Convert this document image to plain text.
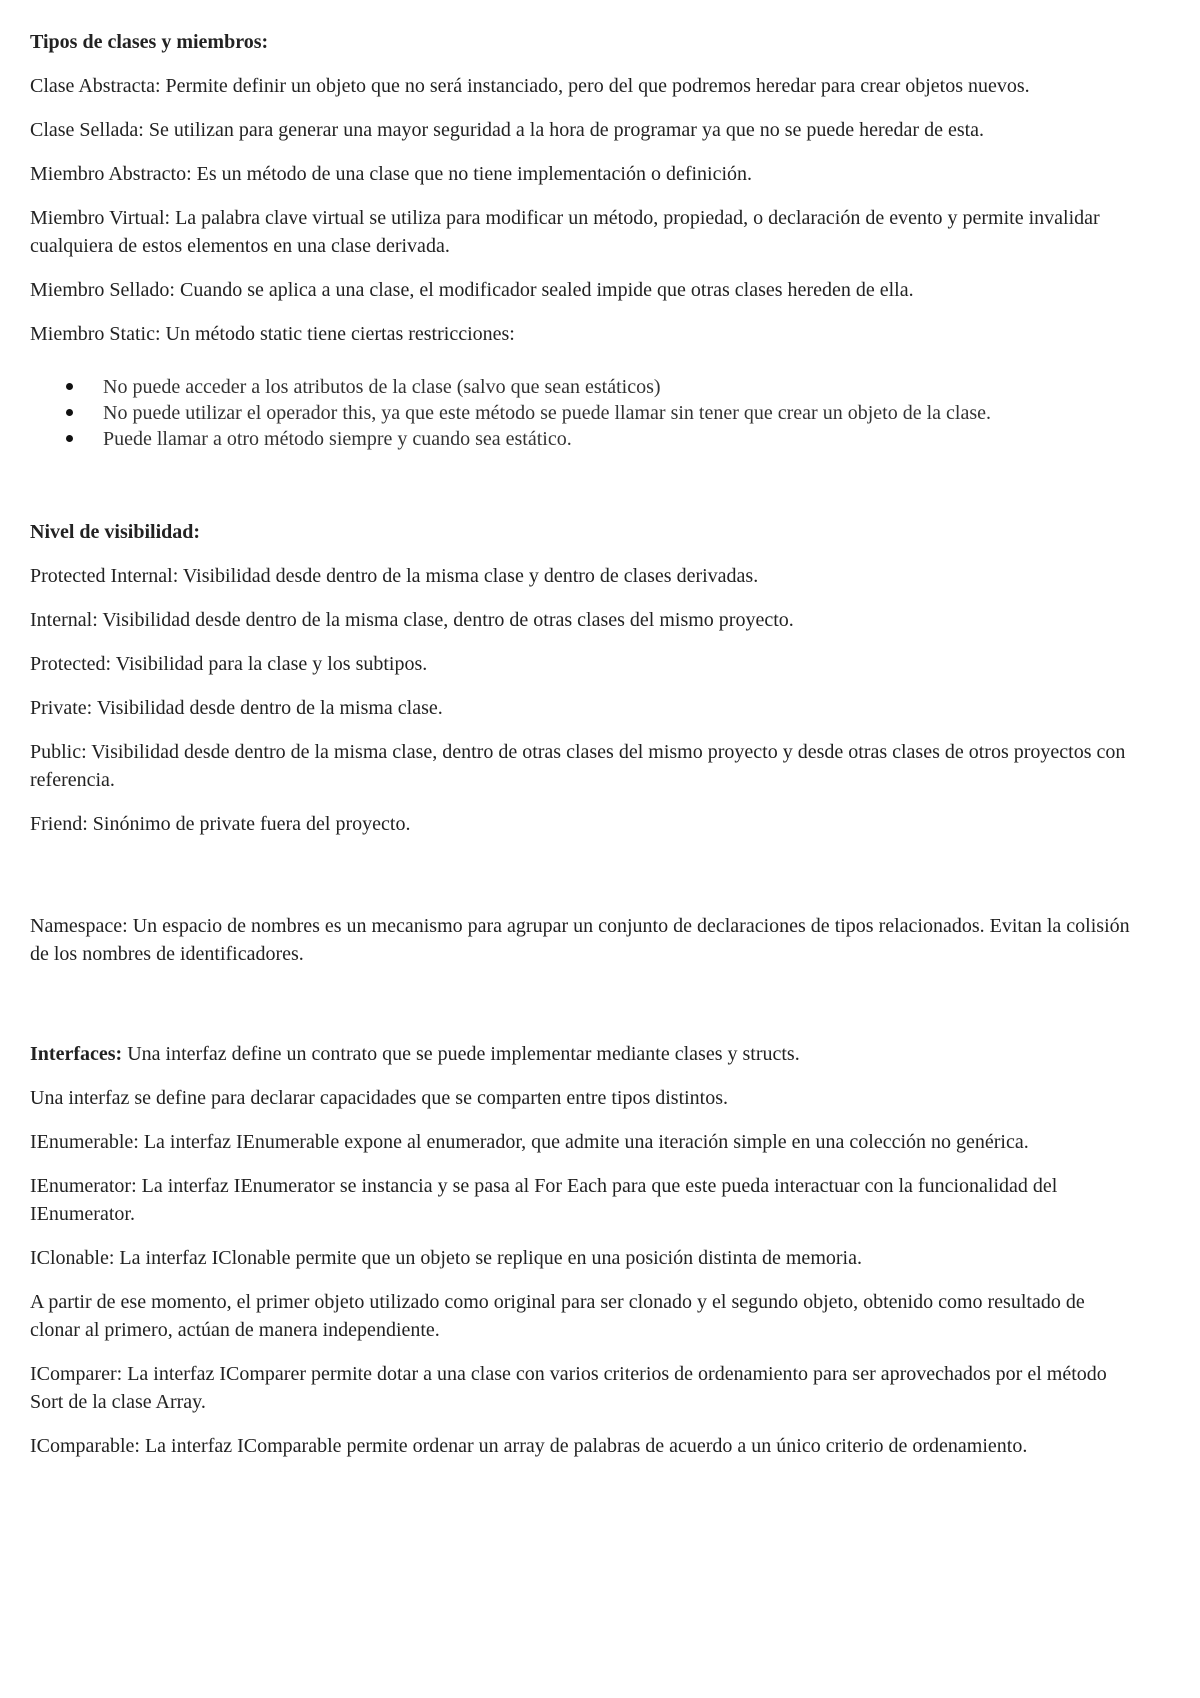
Tipos de clases y miembros:

Clase Abstracta: Permite definir un objeto que no será instanciado, pero del que podremos heredar para crear objetos nuevos.

Clase Sellada: Se utilizan para generar una mayor seguridad a la hora de programar ya que no se puede heredar de esta.

Miembro Abstracto: Es un método de una clase que no tiene implementación o definición.

Miembro Virtual: La palabra clave virtual se utiliza para modificar un método, propiedad, o declaración de evento y permite invalidar cualquiera de estos elementos en una clase derivada.

Miembro Sellado: Cuando se aplica a una clase, el modificador sealed impide que otras clases hereden de ella.

Miembro Static: Un método static tiene ciertas restricciones:

No puede acceder a los atributos de la clase (salvo que sean estáticos)
No puede utilizar el operador this, ya que este método se puede llamar sin tener que crear un objeto de la clase.
Puede llamar a otro método siempre y cuando sea estático.

Nivel de visibilidad:

Protected Internal: Visibilidad desde dentro de la misma clase y dentro de clases derivadas.

Internal: Visibilidad desde dentro de la misma clase, dentro de otras clases del mismo proyecto.

Protected: Visibilidad para la clase y los subtipos.

Private: Visibilidad desde dentro de la misma clase.

Public: Visibilidad desde dentro de la misma clase, dentro de otras clases del mismo proyecto y desde otras clases de otros proyectos con referencia.

Friend: Sinónimo de private fuera del proyecto.

Namespace: Un espacio de nombres es un mecanismo para agrupar un conjunto de declaraciones de tipos relacionados. Evitan la colisión de los nombres de identificadores.

Interfaces: Una interfaz define un contrato que se puede implementar mediante clases y structs.

Una interfaz se define para declarar capacidades que se comparten entre tipos distintos.

IEnumerable: La interfaz IEnumerable expone al enumerador, que admite una iteración simple en una colección no genérica.

IEnumerator: La interfaz IEnumerator se instancia y se pasa al For Each para que este pueda interactuar con la funcionalidad del IEnumerator.

IClonable: La interfaz IClonable permite que un objeto se replique en una posición distinta de memoria.

A partir de ese momento, el primer objeto utilizado como original para ser clonado y el segundo objeto, obtenido como resultado de clonar al primero, actúan de manera independiente.

IComparer: La interfaz IComparer permite dotar a una clase con varios criterios de ordenamiento para ser aprovechados por el método Sort de la clase Array.

IComparable: La interfaz IComparable permite ordenar un array de palabras de acuerdo a un único criterio de ordenamiento.
